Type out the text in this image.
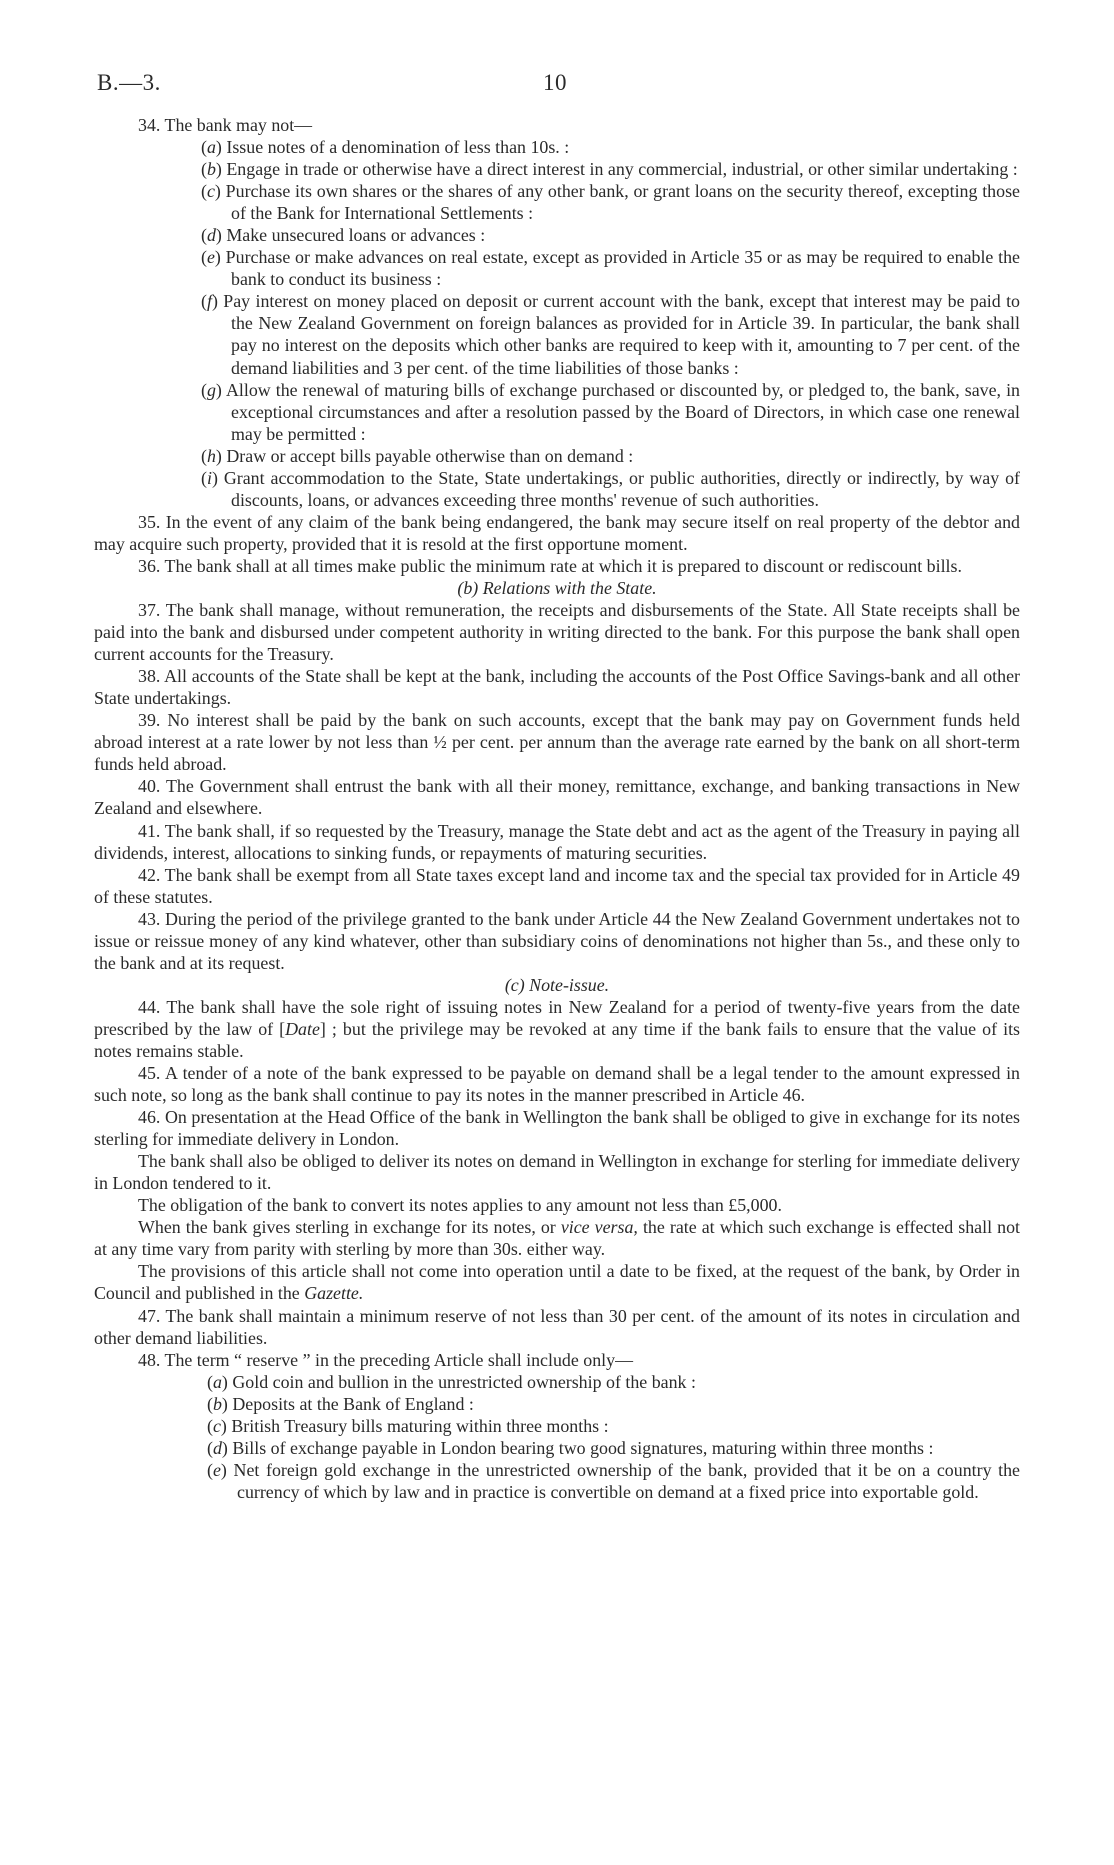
B.—3.	10

34. The bank may not—

(a) Issue notes of a denomination of less than 10s. :

(b) Engage in trade or otherwise have a direct interest in any commercial, industrial, or other similar undertaking :

(c) Purchase its own shares or the shares of any other bank, or grant loans on the security thereof, excepting those of the Bank for International Settlements :

(d) Make unsecured loans or advances :

(e) Purchase or make advances on real estate, except as provided in Article 35 or as may be required to enable the bank to conduct its business :

(f) Pay interest on money placed on deposit or current account with the bank, except that interest may be paid to the New Zealand Government on foreign balances as provided for in Article 39. In particular, the bank shall pay no interest on the deposits which other banks are required to keep with it, amounting to 7 per cent. of the demand liabilities and 3 per cent. of the time liabilities of those banks :

(g) Allow the renewal of maturing bills of exchange purchased or discounted by, or pledged to, the bank, save, in exceptional circumstances and after a resolution passed by the Board of Directors, in which case one renewal may be permitted :

(h) Draw or accept bills payable otherwise than on demand :

(i) Grant accommodation to the State, State undertakings, or public authorities, directly or indirectly, by way of discounts, loans, or advances exceeding three months' revenue of such authorities.

35. In the event of any claim of the bank being endangered, the bank may secure itself on real property of the debtor and may acquire such property, provided that it is resold at the first opportune moment.

36. The bank shall at all times make public the minimum rate at which it is prepared to discount or rediscount bills.

(b) Relations with the State.

37. The bank shall manage, without remuneration, the receipts and disbursements of the State. All State receipts shall be paid into the bank and disbursed under competent authority in writing directed to the bank. For this purpose the bank shall open current accounts for the Treasury.

38. All accounts of the State shall be kept at the bank, including the accounts of the Post Office Savings-bank and all other State undertakings.

39. No interest shall be paid by the bank on such accounts, except that the bank may pay on Government funds held abroad interest at a rate lower by not less than ½ per cent. per annum than the average rate earned by the bank on all short-term funds held abroad.

40. The Government shall entrust the bank with all their money, remittance, exchange, and banking transactions in New Zealand and elsewhere.

41. The bank shall, if so requested by the Treasury, manage the State debt and act as the agent of the Treasury in paying all dividends, interest, allocations to sinking funds, or repayments of maturing securities.

42. The bank shall be exempt from all State taxes except land and income tax and the special tax provided for in Article 49 of these statutes.

43. During the period of the privilege granted to the bank under Article 44 the New Zealand Government undertakes not to issue or reissue money of any kind whatever, other than subsidiary coins of denominations not higher than 5s., and these only to the bank and at its request.

(c) Note-issue.

44. The bank shall have the sole right of issuing notes in New Zealand for a period of twenty-five years from the date prescribed by the law of [Date] ; but the privilege may be revoked at any time if the bank fails to ensure that the value of its notes remains stable.

45. A tender of a note of the bank expressed to be payable on demand shall be a legal tender to the amount expressed in such note, so long as the bank shall continue to pay its notes in the manner prescribed in Article 46.

46. On presentation at the Head Office of the bank in Wellington the bank shall be obliged to give in exchange for its notes sterling for immediate delivery in London.

The bank shall also be obliged to deliver its notes on demand in Wellington in exchange for sterling for immediate delivery in London tendered to it.

The obligation of the bank to convert its notes applies to any amount not less than £5,000.

When the bank gives sterling in exchange for its notes, or vice versa, the rate at which such exchange is effected shall not at any time vary from parity with sterling by more than 30s. either way.

The provisions of this article shall not come into operation until a date to be fixed, at the request of the bank, by Order in Council and published in the Gazette.

47. The bank shall maintain a minimum reserve of not less than 30 per cent. of the amount of its notes in circulation and other demand liabilities.

48. The term “ reserve ” in the preceding Article shall include only—

(a) Gold coin and bullion in the unrestricted ownership of the bank :

(b) Deposits at the Bank of England :

(c) British Treasury bills maturing within three months :

(d) Bills of exchange payable in London bearing two good signatures, maturing within three months :

(e) Net foreign gold exchange in the unrestricted ownership of the bank, provided that it be on a country the currency of which by law and in practice is convertible on demand at a fixed price into exportable gold.
